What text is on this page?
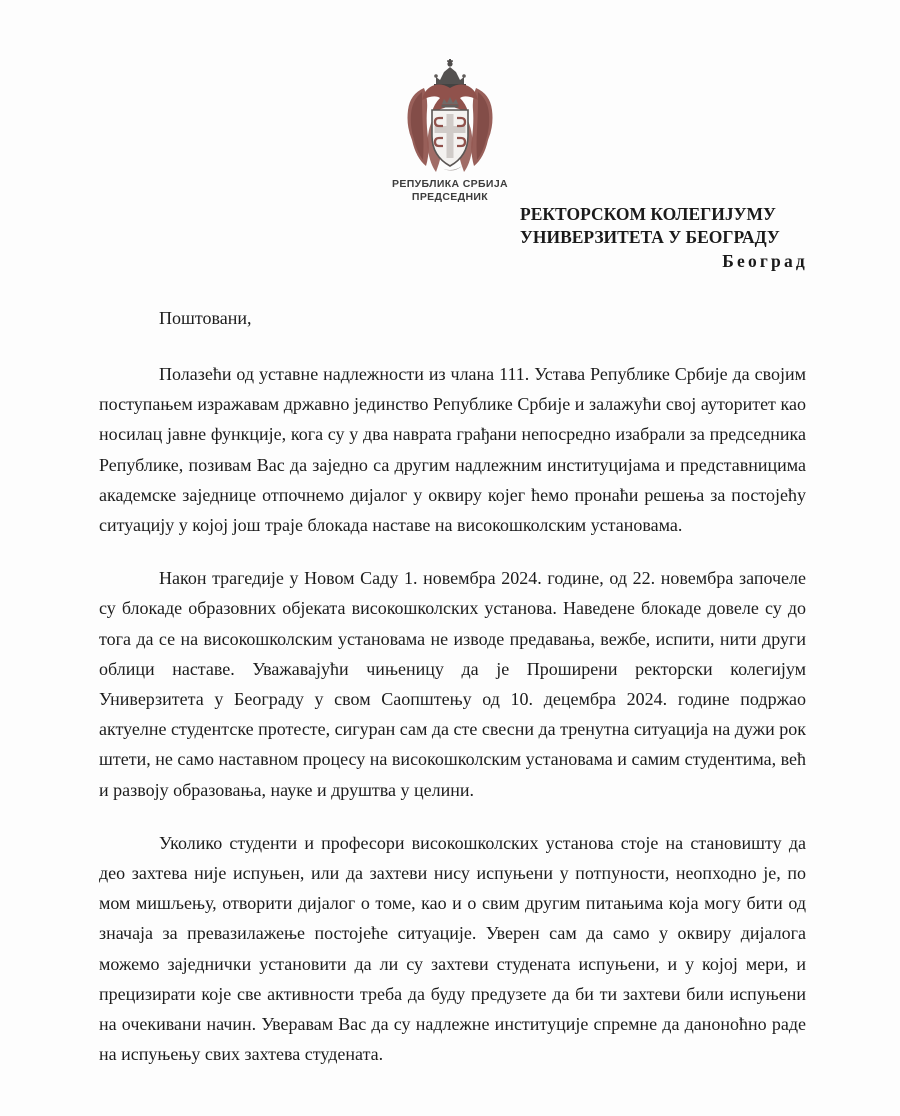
РЕПУБЛИКА СРБИЈА
ПРЕДСЕДНИК
РЕКТОРСКОМ КОЛЕГИЈУМУ
УНИВЕРЗИТЕТА У БЕОГРАДУ
Београд

Поштовани,

Полазећи од уставне надлежности из члана 111. Устава Републике Србије да својим поступањем изражавам државно јединство Републике Србије и залажући свој ауторитет као носилац јавне функције, кога су у два наврата грађани непосредно изабрали за председника Републике, позивам Вас да заједно са другим надлежним институцијама и представницима академске заједнице отпочнемо дијалог у оквиру којег ћемо пронаћи решења за постојећу ситуацију у којој још траје блокада наставе на високошколским установама.

Након трагедије у Новом Саду 1. новембра 2024. године, од 22. новембра започеле су блокаде образовних објеката високошколских установа. Наведене блокаде довеле су до тога да се на високошколским установама не изводе предавања, вежбе, испити, нити други облици наставе. Уважавајући чињеницу да је Проширени ректорски колегијум Универзитета у Београду у свом Саопштењу од 10. децембра 2024. године подржао актуелне студентске протесте, сигуран сам да сте свесни да тренутна ситуација на дужи рок штети, не само наставном процесу на високошколским установама и самим студентима, већ и развоју образовања, науке и друштва у целини.

Уколико студенти и професори високошколских установа стоје на становишту да део захтева није испуњен, или да захтеви нису испуњени у потпуности, неопходно је, по мом мишљењу, отворити дијалог о томе, као и о свим другим питањима која могу бити од значаја за превазилажење постојеће ситуације. Уверен сам да само у оквиру дијалога можемо заједнички установити да ли су захтеви студената испуњени, и у којој мери, и прецизирати које све активности треба да буду предузете да би ти захтеви били испуњени на очекивани начин. Уверавам Вас да су надлежне институције спремне да даноноћно раде на испуњењу свих захтева студената.
